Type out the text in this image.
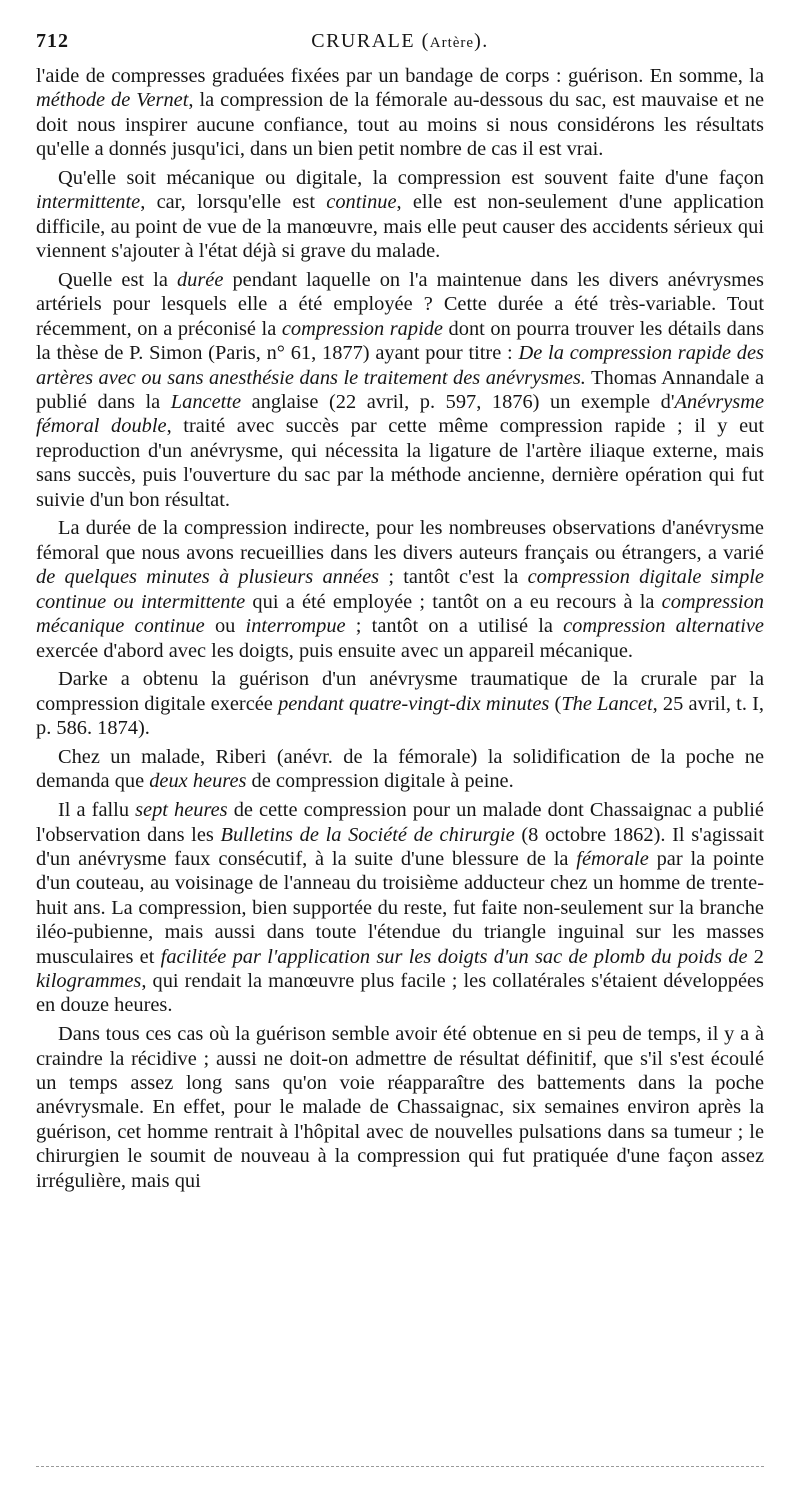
712	CRURALE (Artère).

l'aide de compresses graduées fixées par un bandage de corps : guérison. En somme, la méthode de Vernet, la compression de la fémorale au-dessous du sac, est mauvaise et ne doit nous inspirer aucune confiance, tout au moins si nous considérons les résultats qu'elle a donnés jusqu'ici, dans un bien petit nombre de cas il est vrai.

Qu'elle soit mécanique ou digitale, la compression est souvent faite d'une façon intermittente, car, lorsqu'elle est continue, elle est non-seulement d'une application difficile, au point de vue de la manœuvre, mais elle peut causer des accidents sérieux qui viennent s'ajouter à l'état déjà si grave du malade.

Quelle est la durée pendant laquelle on l'a maintenue dans les divers anévrysmes artériels pour lesquels elle a été employée ? Cette durée a été très-variable. Tout récemment, on a préconisé la compression rapide dont on pourra trouver les détails dans la thèse de P. Simon (Paris, n° 61, 1877) ayant pour titre : De la compression rapide des artères avec ou sans anesthésie dans le traitement des anévrysmes. Thomas Annandale a publié dans la Lancette anglaise (22 avril, p. 597, 1876) un exemple d'Anévrysme fémoral double, traité avec succès par cette même compression rapide ; il y eut reproduction d'un anévrysme, qui nécessita la ligature de l'artère iliaque externe, mais sans succès, puis l'ouverture du sac par la méthode ancienne, dernière opération qui fut suivie d'un bon résultat.

La durée de la compression indirecte, pour les nombreuses observations d'anévrysme fémoral que nous avons recueillies dans les divers auteurs français ou étrangers, a varié de quelques minutes à plusieurs années ; tantôt c'est la compression digitale simple continue ou intermittente qui a été employée ; tantôt on a eu recours à la compression mécanique continue ou interrompue ; tantôt on a utilisé la compression alternative exercée d'abord avec les doigts, puis ensuite avec un appareil mécanique.

Darke a obtenu la guérison d'un anévrysme traumatique de la crurale par la compression digitale exercée pendant quatre-vingt-dix minutes (The Lancet, 25 avril, t. I, p. 586. 1874).

Chez un malade, Riberi (anévr. de la fémorale) la solidification de la poche ne demanda que deux heures de compression digitale à peine.

Il a fallu sept heures de cette compression pour un malade dont Chassaignac a publié l'observation dans les Bulletins de la Société de chirurgie (8 octobre 1862). Il s'agissait d'un anévrysme faux consécutif, à la suite d'une blessure de la fémorale par la pointe d'un couteau, au voisinage de l'anneau du troisième adducteur chez un homme de trente-huit ans. La compression, bien supportée du reste, fut faite non-seulement sur la branche iléo-pubienne, mais aussi dans toute l'étendue du triangle inguinal sur les masses musculaires et facilitée par l'application sur les doigts d'un sac de plomb du poids de 2 kilogrammes, qui rendait la manœuvre plus facile ; les collatérales s'étaient développées en douze heures.

Dans tous ces cas où la guérison semble avoir été obtenue en si peu de temps, il y a à craindre la récidive ; aussi ne doit-on admettre de résultat définitif, que s'il s'est écoulé un temps assez long sans qu'on voie réapparaître des battements dans la poche anévrysmale. En effet, pour le malade de Chassaignac, six semaines environ après la guérison, cet homme rentrait à l'hôpital avec de nouvelles pulsations dans sa tumeur ; le chirurgien le soumit de nouveau à la compression qui fut pratiquée d'une façon assez irrégulière, mais qui
